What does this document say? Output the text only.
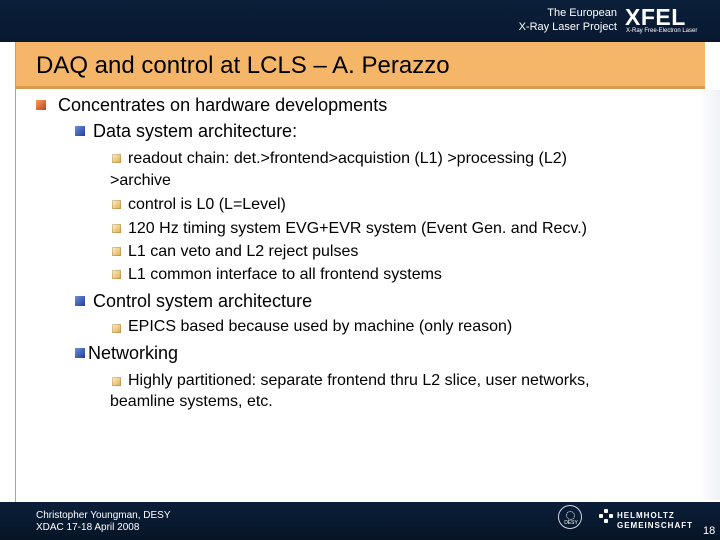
The European
X-Ray Laser Project XFEL
X-Ray Free-Electron Laser
DAQ and control at LCLS – A. Perazzo
Concentrates on hardware developments
Data system architecture:
readout chain: det.>frontend>acquistion (L1) >processing (L2)
>archive
control is L0 (L=Level)
120 Hz timing system EVG+EVR system (Event Gen. and Recv.)
L1 can veto and L2 reject pulses
L1 common interface to all frontend systems
Control system architecture
EPICS based because used by machine (only reason)
Networking
Highly partitioned: separate frontend thru L2 slice, user networks,
beamline systems, etc.
Christopher Youngman, DESY
XDAC 17-18 April 2008	DESY
HELMHOLTZ
GEMEINSCHAFT 18
